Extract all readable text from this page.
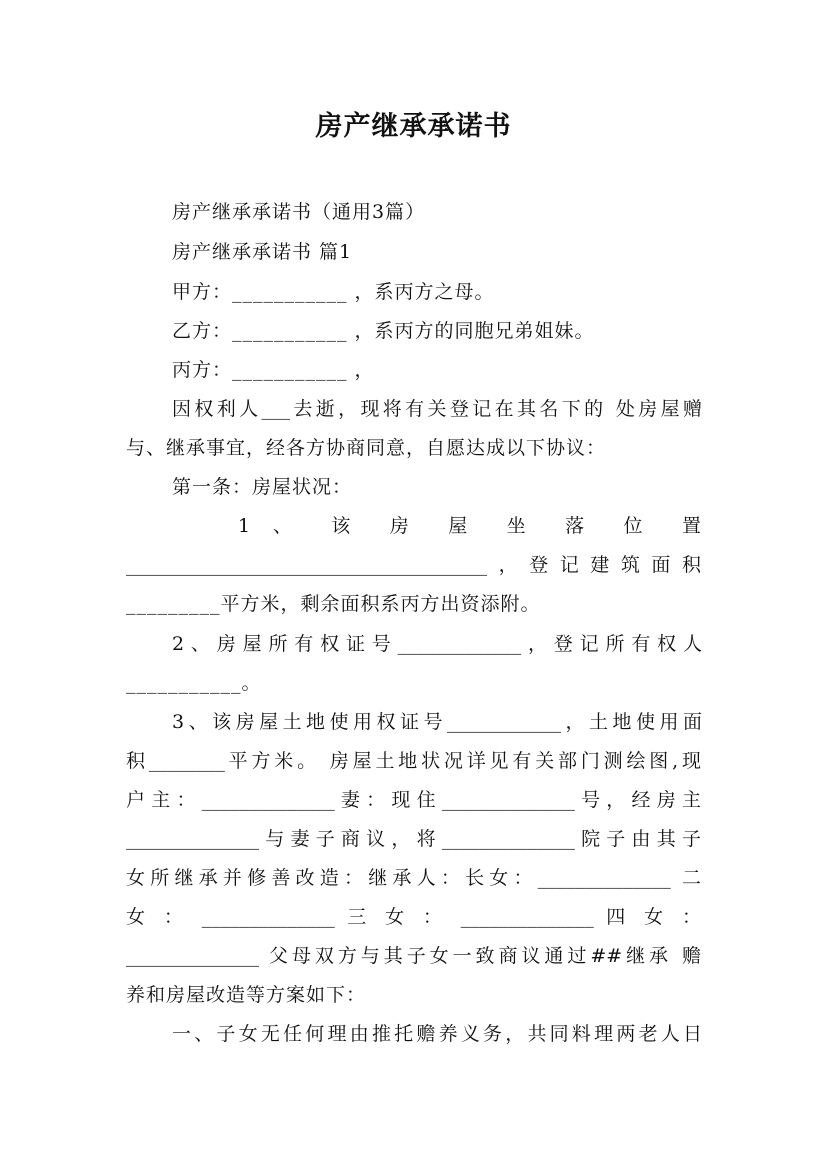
房产继承承诺书
房产继承承诺书（通用3篇）
房产继承承诺书 篇1
甲方：___________ ，系丙方之母。
乙方：___________ ，系丙方的同胞兄弟姐妹。
丙方：___________ ，
因权利人___去逝，现将有关登记在其名下的 处房屋赠
与、继承事宜，经各方协商同意，自愿达成以下协议：
第一条：房屋状况：
1 、 该 房 屋 坐 落 位 置
______________________________________，登记建筑面积
_________平方米，剩余面积系丙方出资添附。
2、房屋所有权证号_____________，登记所有权人
___________。
3、该房屋土地使用权证号____________，土地使用面
积________平方米。 房屋土地状况详见有关部门测绘图,现
户主：______________妻：现住______________号，经房主
______________与妻子商议，将______________院子由其子
女所继承并修善改造：继承人：长女：______________ 二
女 ： ______________ 三 女 ： ______________ 四 女 ：
______________ 父母双方与其子女一致商议通过##继承 赡
养和房屋改造等方案如下：
一、子女无任何理由推托赡养义务，共同料理两老人日
